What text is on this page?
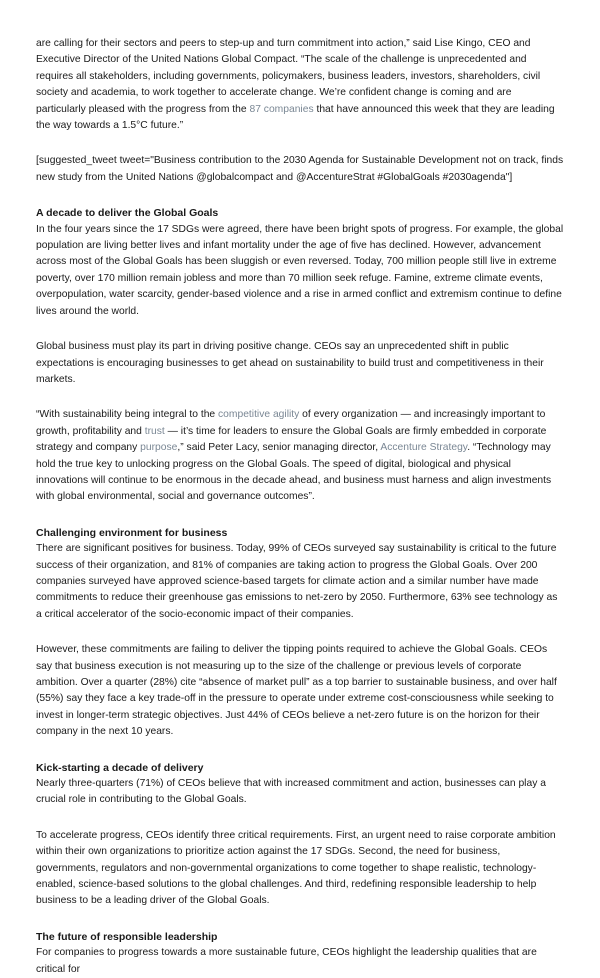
are calling for their sectors and peers to step-up and turn commitment into action,” said Lise Kingo, CEO and Executive Director of the United Nations Global Compact. “The scale of the challenge is unprecedented and requires all stakeholders, including governments, policymakers, business leaders, investors, shareholders, civil society and academia, to work together to accelerate change. We’re confident change is coming and are particularly pleased with the progress from the 87 companies that have announced this week that they are leading the way towards a 1.5°C future.”

[suggested_tweet tweet="Business contribution to the 2030 Agenda for Sustainable Development not on track, finds new study from the United Nations @globalcompact and @AccentureStrat #GlobalGoals #2030agenda"]

A decade to deliver the Global Goals

In the four years since the 17 SDGs were agreed, there have been bright spots of progress. For example, the global population are living better lives and infant mortality under the age of five has declined. However, advancement across most of the Global Goals has been sluggish or even reversed. Today, 700 million people still live in extreme poverty, over 170 million remain jobless and more than 70 million seek refuge. Famine, extreme climate events, overpopulation, water scarcity, gender-based violence and a rise in armed conflict and extremism continue to define lives around the world.

Global business must play its part in driving positive change. CEOs say an unprecedented shift in public expectations is encouraging businesses to get ahead on sustainability to build trust and competitiveness in their markets.

“With sustainability being integral to the competitive agility of every organization — and increasingly important to growth, profitability and trust — it’s time for leaders to ensure the Global Goals are firmly embedded in corporate strategy and company purpose,” said Peter Lacy, senior managing director, Accenture Strategy. “Technology may hold the true key to unlocking progress on the Global Goals. The speed of digital, biological and physical innovations will continue to be enormous in the decade ahead, and business must harness and align investments with global environmental, social and governance outcomes”.

Challenging environment for business

There are significant positives for business. Today, 99% of CEOs surveyed say sustainability is critical to the future success of their organization, and 81% of companies are taking action to progress the Global Goals. Over 200 companies surveyed have approved science-based targets for climate action and a similar number have made commitments to reduce their greenhouse gas emissions to net-zero by 2050. Furthermore, 63% see technology as a critical accelerator of the socio-economic impact of their companies.

However, these commitments are failing to deliver the tipping points required to achieve the Global Goals. CEOs say that business execution is not measuring up to the size of the challenge or previous levels of corporate ambition. Over a quarter (28%) cite “absence of market pull” as a top barrier to sustainable business, and over half (55%) say they face a key trade-off in the pressure to operate under extreme cost-consciousness while seeking to invest in longer-term strategic objectives. Just 44% of CEOs believe a net-zero future is on the horizon for their company in the next 10 years.

Kick-starting a decade of delivery

Nearly three-quarters (71%) of CEOs believe that with increased commitment and action, businesses can play a crucial role in contributing to the Global Goals.

To accelerate progress, CEOs identify three critical requirements. First, an urgent need to raise corporate ambition within their own organizations to prioritize action against the 17 SDGs. Second, the need for business, governments, regulators and non-governmental organizations to come together to shape realistic, technology-enabled, science-based solutions to the global challenges. And third, redefining responsible leadership to help business to be a leading driver of the Global Goals.

The future of responsible leadership

For companies to progress towards a more sustainable future, CEOs highlight the leadership qualities that are critical for
